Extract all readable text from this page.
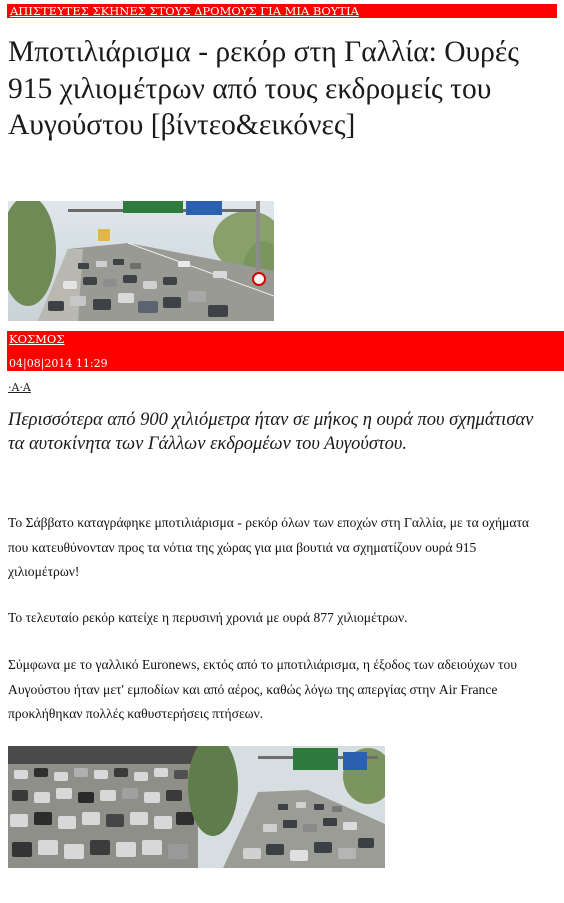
ΑΠΙΣΤΕΥΤΕΣ ΣΚΗΝΕΣ ΣΤΟΥΣ ΔΡΟΜΟΥΣ ΓΙΑ ΜΙΑ ΒΟΥΤΙΑ
Μποτιλιάρισμα - ρεκόρ στη Γαλλία: Ουρές 915 χιλιομέτρων από τους εκδρομείς του Αυγούστου [βίντεο&εικόνες]
ΚΟΣΜΟΣ
04|08|2014 11:29
·A·A

Περισσότερα από 900 χιλιόμετρα ήταν σε μήκος η ουρά που σχημάτισαν τα αυτοκίνητα των Γάλλων εκδρομέων του Αυγούστου.

Το Σάββατο καταγράφηκε μποτιλιάρισμα - ρεκόρ όλων των εποχών στη Γαλλία, με τα οχήματα που κατευθύνονταν προς τα νότια της χώρας για μια βουτιά να σχηματίζουν ουρά 915 χιλιομέτρων!

Το τελευταίο ρεκόρ κατείχε η περυσινή χρονιά με ουρά 877 χιλιομέτρων.

Σύμφωνα με το γαλλικό Euronews, εκτός από το μποτιλιάρισμα, η έξοδος των αδειούχων του Αυγούστου ήταν μετ' εμποδίων και από αέρος, καθώς λόγω της απεργίας στην Air France προκλήθηκαν πολλές καθυστερήσεις πτήσεων.
